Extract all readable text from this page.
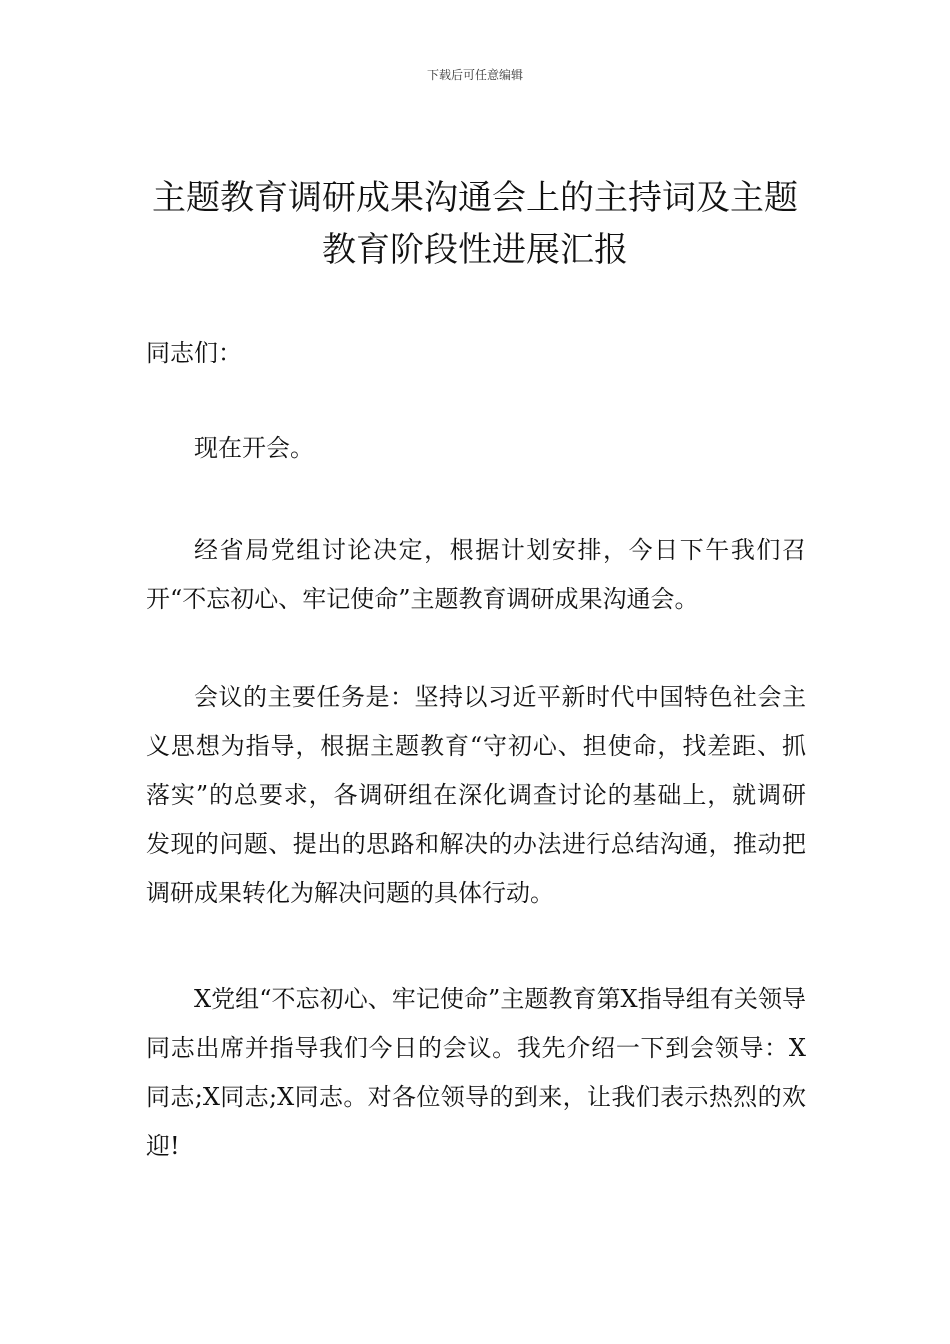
下载后可任意编辑
主题教育调研成果沟通会上的主持词及主题教育阶段性进展汇报
同志们：
现在开会。
经省局党组讨论决定，根据计划安排，今日下午我们召开“不忘初心、牢记使命”主题教育调研成果沟通会。
会议的主要任务是：坚持以习近平新时代中国特色社会主义思想为指导，根据主题教育“守初心、担使命，找差距、抓落实”的总要求，各调研组在深化调查讨论的基础上，就调研发现的问题、提出的思路和解决的办法进行总结沟通，推动把调研成果转化为解决问题的具体行动。
X党组“不忘初心、牢记使命”主题教育第X指导组有关领导同志出席并指导我们今日的会议。我先介绍一下到会领导：X同志;X同志;X同志。对各位领导的到来，让我们表示热烈的欢迎!
